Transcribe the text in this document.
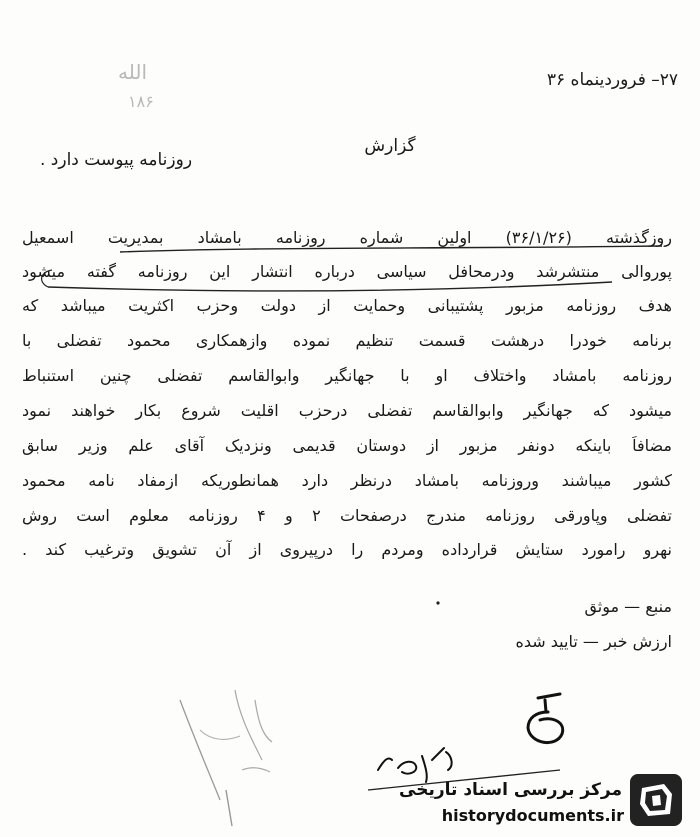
الله
۱۸۶
۲۷– فروردینماه ۳۶
گزارش
روزنامه پیوست دارد .
روزگذشته (۳۶/۱/۲۶) اولین شماره روزنامه بامشاد بمدیریت اسمعیل
پوروالی منتشرشد ودرمحافل سیاسی درباره انتشار این روزنامه گفته میشود
هدف روزنامه مزبور پشتیبانی وحمایت از دولت وحزب اکثریت میباشد که
برنامه خودرا درهشت قسمت تنظیم نموده وازهمکاری محمود تفضلی با
روزنامه بامشاد واختلاف او با جهانگیر وابوالقاسم تفضلی چنین استنباط
میشود که جهانگیر وابوالقاسم تفضلی درحزب اقلیت شروع بکار خواهند نمود
مضافاً باینکه دونفر مزبور از دوستان قدیمی ونزدیک آقای علم وزیر سابق
کشور میباشند وروزنامه بامشاد درنظر دارد همانطوریکه ازمفاد نامه محمود
تفضلی وپاورقی روزنامه مندرج درصفحات ۲ و ۴ روزنامه معلوم است روش
نهرو رامورد ستایش قرارداده ومردم را درپیروی از آن تشویق وترغیب کند .
منبع — موثق
ارزش خبر — تایید شده
مرکز بررسی اسناد تاریخی
historydocuments.ir
